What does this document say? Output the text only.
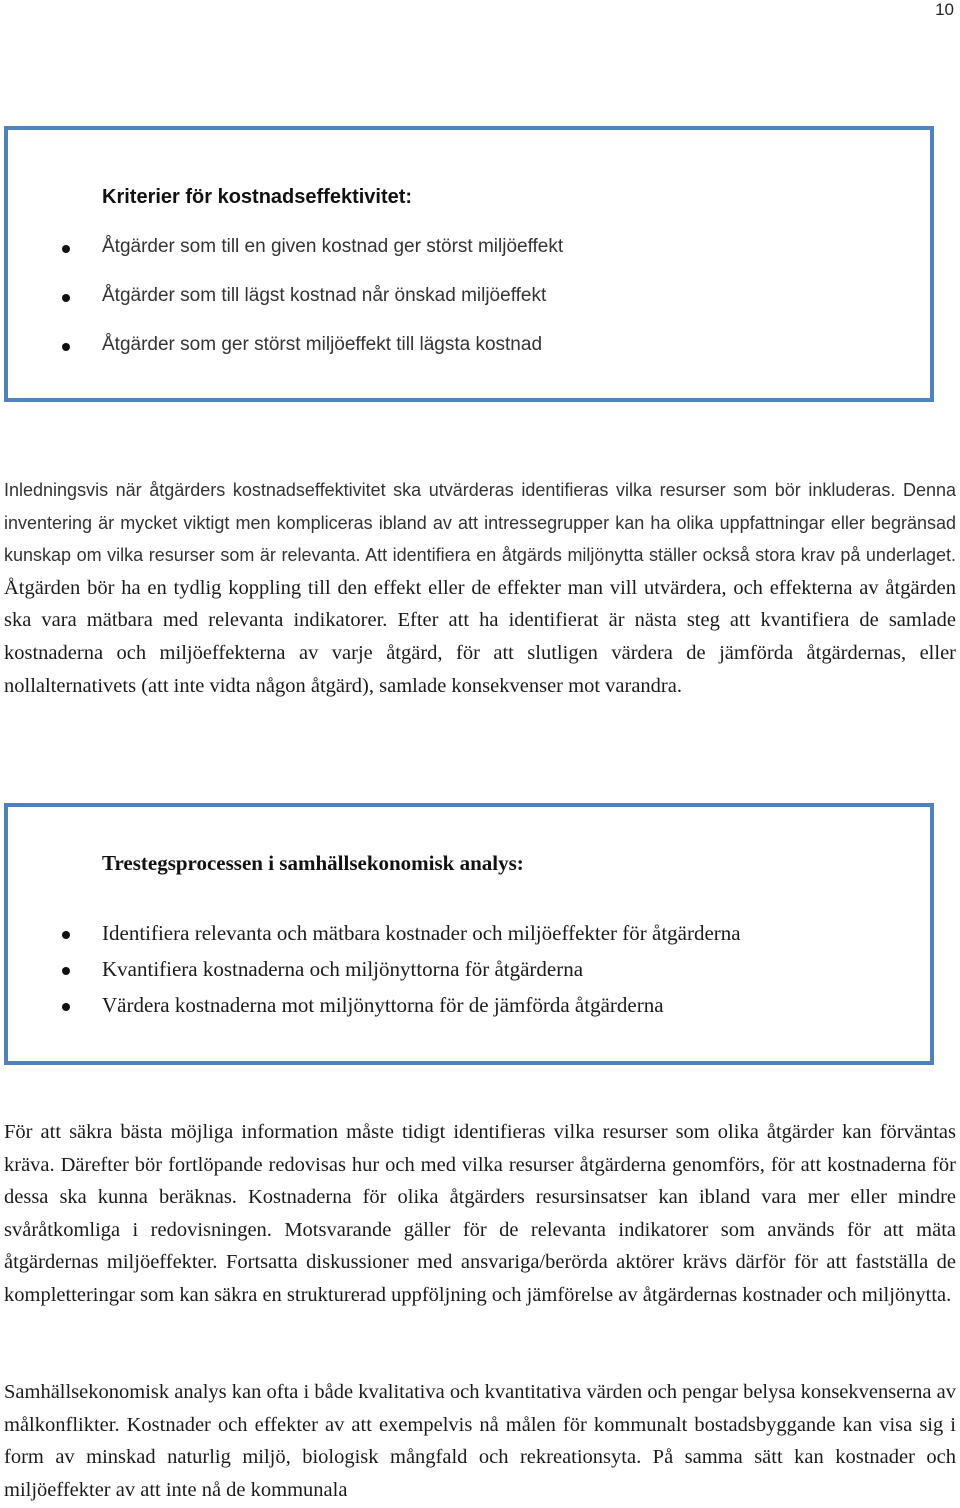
10
Kriterier för kostnadseffektivitet:
Åtgärder som till en given kostnad ger störst miljöeffekt
Åtgärder som till lägst kostnad når önskad miljöeffekt
Åtgärder som ger störst miljöeffekt till lägsta kostnad

Inledningsvis när åtgärders kostnadseffektivitet ska utvärderas identifieras vilka resurser som bör inkluderas. Denna inventering är mycket viktigt men kompliceras ibland av att intressegrupper kan ha olika uppfattningar eller begränsad kunskap om vilka resurser som är relevanta. Att identifiera en åtgärds miljönytta ställer också stora krav på underlaget. Åtgärden bör ha en tydlig koppling till den effekt eller de effekter man vill utvärdera, och effekterna av åtgärden ska vara mätbara med relevanta indikatorer. Efter att ha identifierat är nästa steg att kvantifiera de samlade kostnaderna och miljöeffekterna av varje åtgärd, för att slutligen värdera de jämförda åtgärdernas, eller nollalternativets (att inte vidta någon åtgärd), samlade konsekvenser mot varandra.

Trestegsprocessen i samhällsekonomisk analys:
Identifiera relevanta och mätbara kostnader och miljöeffekter för åtgärderna
Kvantifiera kostnaderna och miljönyttorna för åtgärderna
Värdera kostnaderna mot miljönyttorna för de jämförda åtgärderna

För att säkra bästa möjliga information måste tidigt identifieras vilka resurser som olika åtgärder kan förväntas kräva. Därefter bör fortlöpande redovisas hur och med vilka resurser åtgärderna genomförs, för att kostnaderna för dessa ska kunna beräknas. Kostnaderna för olika åtgärders resursinsatser kan ibland vara mer eller mindre svåråtkomliga i redovisningen. Motsvarande gäller för de relevanta indikatorer som används för att mäta åtgärdernas miljöeffekter. Fortsatta diskussioner med ansvariga/berörda aktörer krävs därför för att fastställa de kompletteringar som kan säkra en strukturerad uppföljning och jämförelse av åtgärdernas kostnader och miljönytta.

Samhällsekonomisk analys kan ofta i både kvalitativa och kvantitativa värden och pengar belysa konsekvenserna av målkonflikter. Kostnader och effekter av att exempelvis nå målen för kommunalt bostadsbyggande kan visa sig i form av minskad naturlig miljö, biologisk mångfald och rekreationsyta. På samma sätt kan kostnader och miljöeffekter av att inte nå de kommunala
